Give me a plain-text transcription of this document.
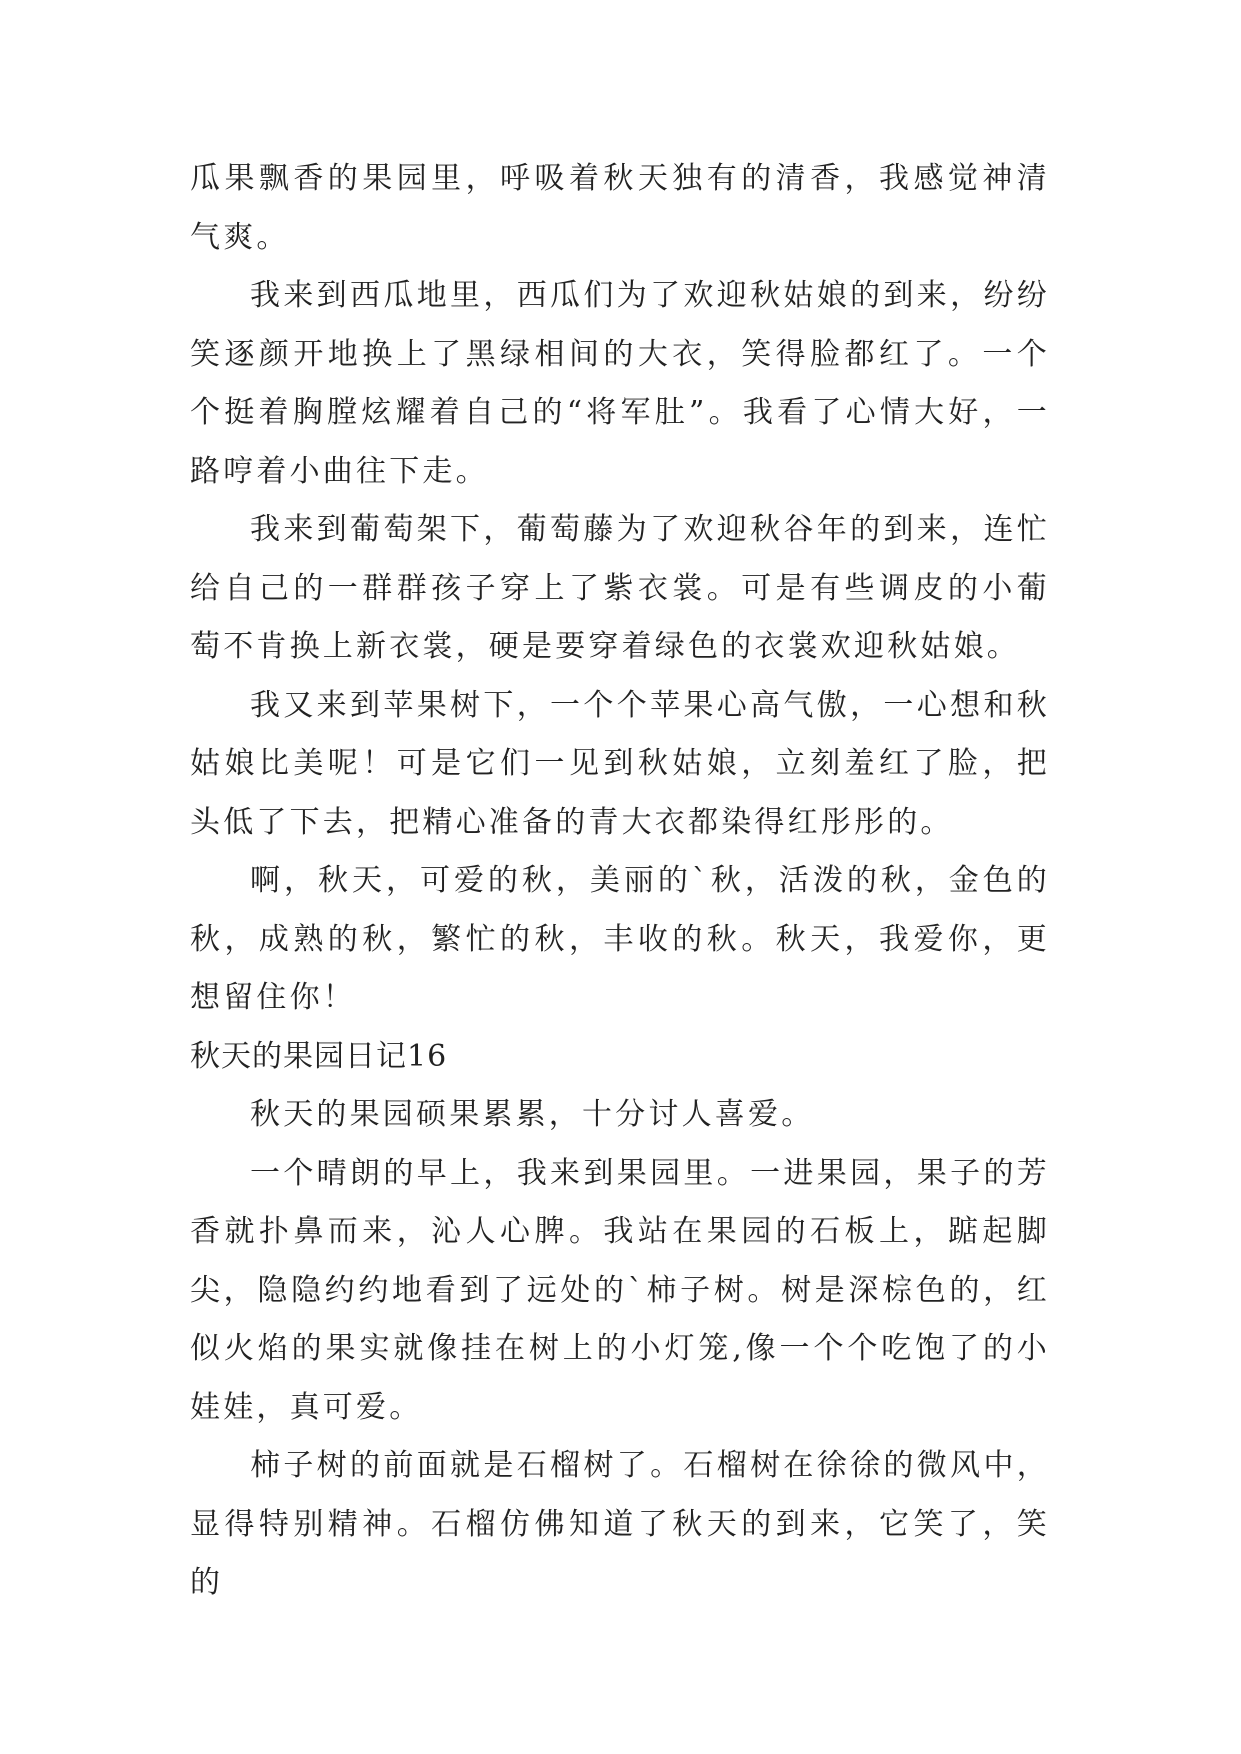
瓜果飘香的果园里，呼吸着秋天独有的清香，我感觉神清气爽。

我来到西瓜地里，西瓜们为了欢迎秋姑娘的到来，纷纷笑逐颜开地换上了黑绿相间的大衣，笑得脸都红了。一个个挺着胸膛炫耀着自己的“将军肚”。我看了心情大好，一路哼着小曲往下走。

我来到葡萄架下，葡萄藤为了欢迎秋谷年的到来，连忙给自己的一群群孩子穿上了紫衣裳。可是有些调皮的小葡萄不肯换上新衣裳，硬是要穿着绿色的衣裳欢迎秋姑娘。

我又来到苹果树下，一个个苹果心高气傲，一心想和秋姑娘比美呢！可是它们一见到秋姑娘，立刻羞红了脸，把头低了下去，把精心准备的青大衣都染得红彤彤的。

啊，秋天，可爱的秋，美丽的`秋，活泼的秋，金色的秋，成熟的秋，繁忙的秋，丰收的秋。秋天，我爱你，更想留住你！

秋天的果园日记16

秋天的果园硕果累累，十分讨人喜爱。

一个晴朗的早上，我来到果园里。一进果园，果子的芳香就扑鼻而来，沁人心脾。我站在果园的石板上，踮起脚尖，隐隐约约地看到了远处的`柿子树。树是深棕色的，红似火焰的果实就像挂在树上的小灯笼,像一个个吃饱了的小娃娃，真可爱。

柿子树的前面就是石榴树了。石榴树在徐徐的微风中，显得特别精神。石榴仿佛知道了秋天的到来，它笑了，笑的
